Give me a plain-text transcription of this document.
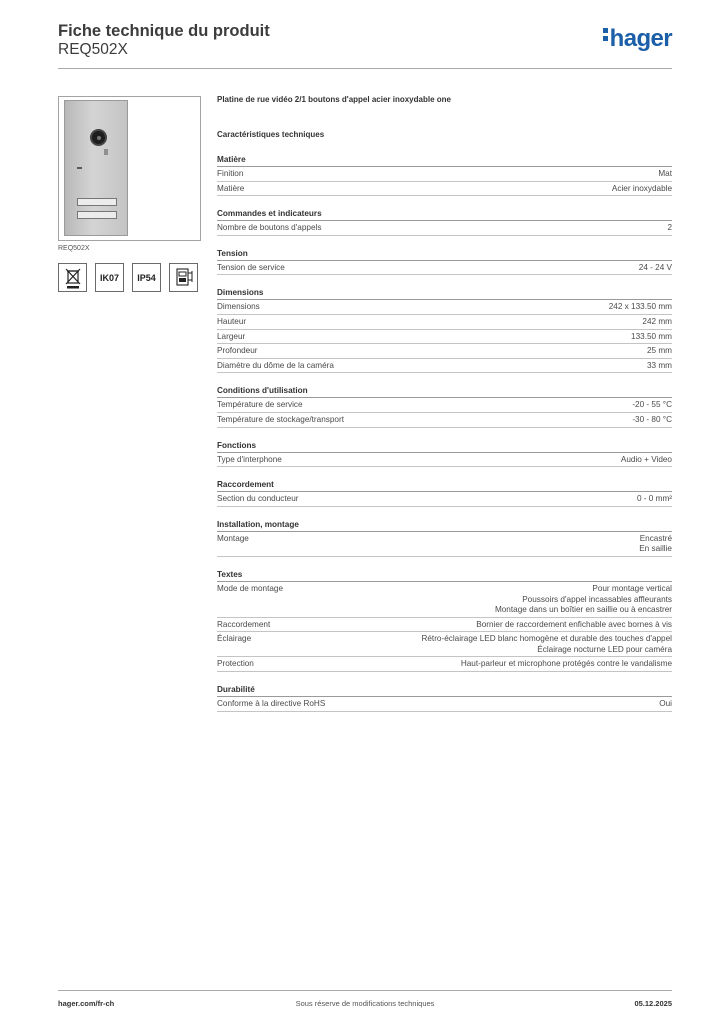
Fiche technique du produit
REQ502X	hager
REQ502X
IK07	IP54
Platine de rue vidéo 2/1 boutons d'appel acier inoxydable one
Caractéristiques techniques
Matière
Finition	Mat
Matière	Acier inoxydable
Commandes et indicateurs
Nombre de boutons d'appels	2
Tension
Tension de service	24 - 24 V
Dimensions
Dimensions	242 x 133.50 mm
Hauteur	242 mm
Largeur	133.50 mm
Profondeur	25 mm
Diamètre du dôme de la caméra	33 mm
Conditions d'utilisation
Température de service	-20 - 55 °C
Température de stockage/transport	-30 - 80 °C
Fonctions
Type d'interphone	Audio + Video
Raccordement
Section du conducteur	0 - 0 mm²
Installation, montage
Montage	Encastré
En saillie
Textes
Mode de montage	Pour montage vertical
Poussoirs d'appel incassables affleurants
Montage dans un boîtier en saillie ou à encastrer
Raccordement	Bornier de raccordement enfichable avec bornes à vis
Éclairage	Rétro-éclairage LED blanc homogène et durable des touches d'appel
Éclairage nocturne LED pour caméra
Protection	Haut-parleur et microphone protégés contre le vandalisme
Durabilité
Conforme à la directive RoHS	Oui
hager.com/fr-ch	Sous réserve de modifications techniques	05.12.2025
